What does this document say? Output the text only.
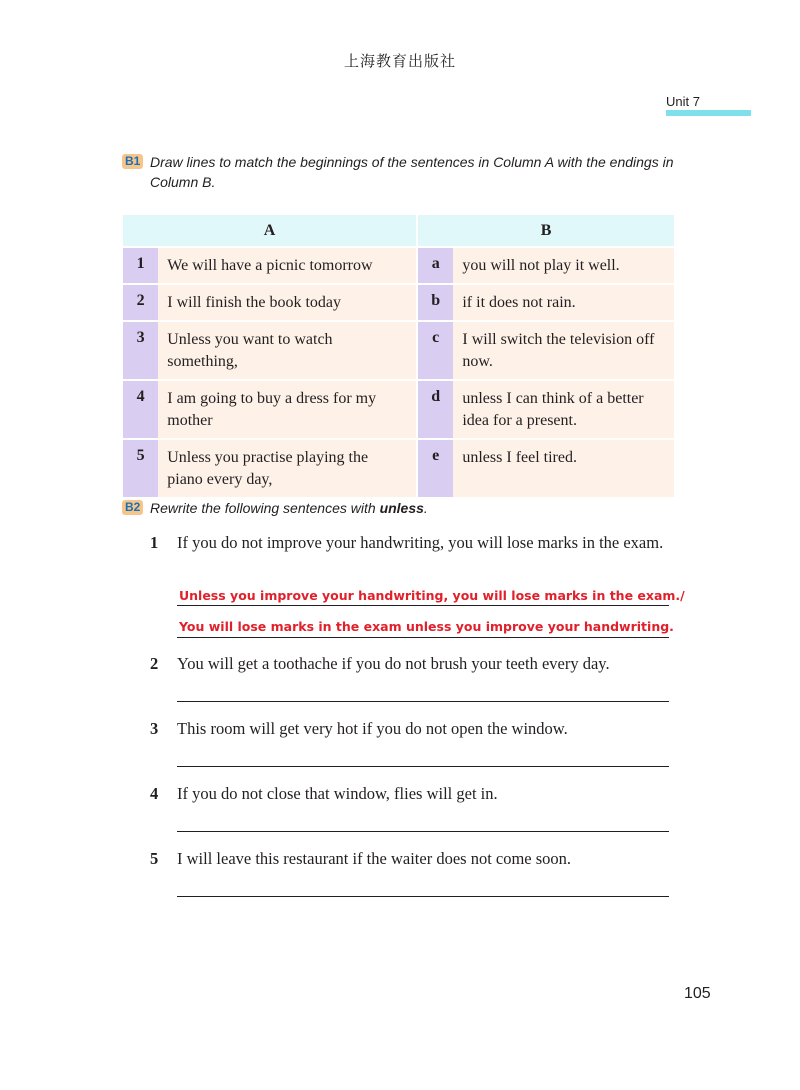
上海教育出版社
Unit 7
B1 Draw lines to match the beginnings of the sentences in Column A with the endings in Column B.
A			B	
1	We will have a picnic tomorrow		a	you will not play it well.
2	I will finish the book today		b	if it does not rain.
3	Unless you want to watch something,		c	I will switch the television off now.
4	I am going to buy a dress for my mother		d	unless I can think of a better idea for a present.
5	Unless you practise playing the piano every day,		e	unless I feel tired.
B2 Rewrite the following sentences with unless.
1	If you do not improve your handwriting, you will lose marks in the exam.
Unless you improve your handwriting, you will lose marks in the exam./
You will lose marks in the exam unless you improve your handwriting.
2	You will get a toothache if you do not brush your teeth every day.
3	This room will get very hot if you do not open the window.
4	If you do not close that window, flies will get in.
5	I will leave this restaurant if the waiter does not come soon.
105
